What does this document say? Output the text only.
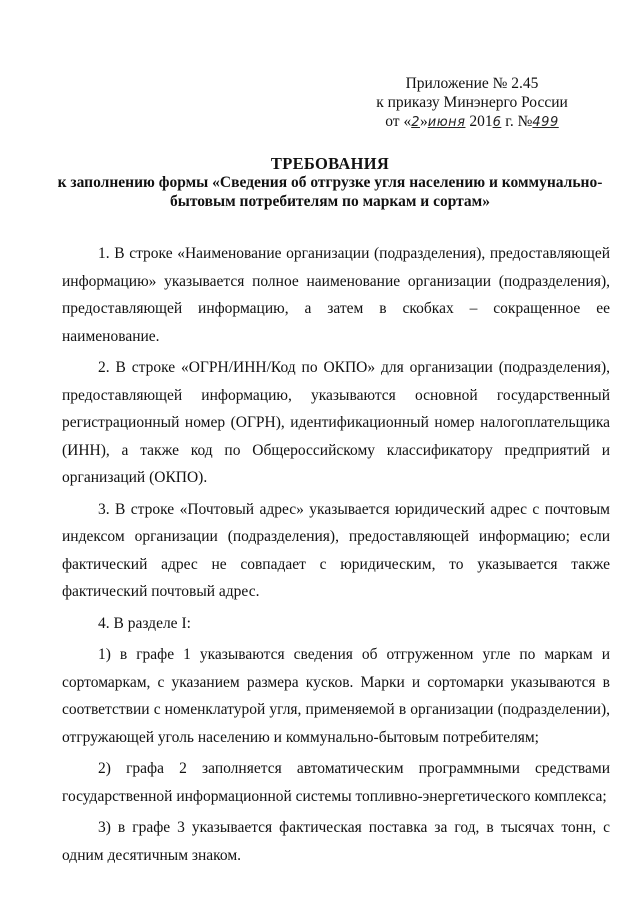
Приложение № 2.45
к приказу Минэнерго России
от «2»июня 2016 г. №499
ТРЕБОВАНИЯ
к заполнению формы «Сведения об отгрузке угля населению и коммунально-
бытовым потребителям по маркам и сортам»

1. В строке «Наименование организации (подразделения), предоставляющей информацию» указывается полное наименование организации (подразделения), предоставляющей информацию, а затем в скобках – сокращенное ее наименование.

2. В строке «ОГРН/ИНН/Код по ОКПО» для организации (подразделения), предоставляющей информацию, указываются основной государственный регистрационный номер (ОГРН), идентификационный номер налогоплательщика (ИНН), а также код по Общероссийскому классификатору предприятий и организаций (ОКПО).

3. В строке «Почтовый адрес» указывается юридический адрес с почтовым индексом организации (подразделения), предоставляющей информацию; если фактический адрес не совпадает с юридическим, то указывается также фактический почтовый адрес.

4. В разделе I:

1) в графе 1 указываются сведения об отгруженном угле по маркам и сортомаркам, с указанием размера кусков. Марки и сортомарки указываются в соответствии с номенклатурой угля, применяемой в организации (подразделении), отгружающей уголь населению и коммунально-бытовым потребителям;

2) графа 2 заполняется автоматическим программными средствами государственной информационной системы топливно-энергетического комплекса;

3) в графе 3 указывается фактическая поставка за год, в тысячах тонн, с одним десятичным знаком.
